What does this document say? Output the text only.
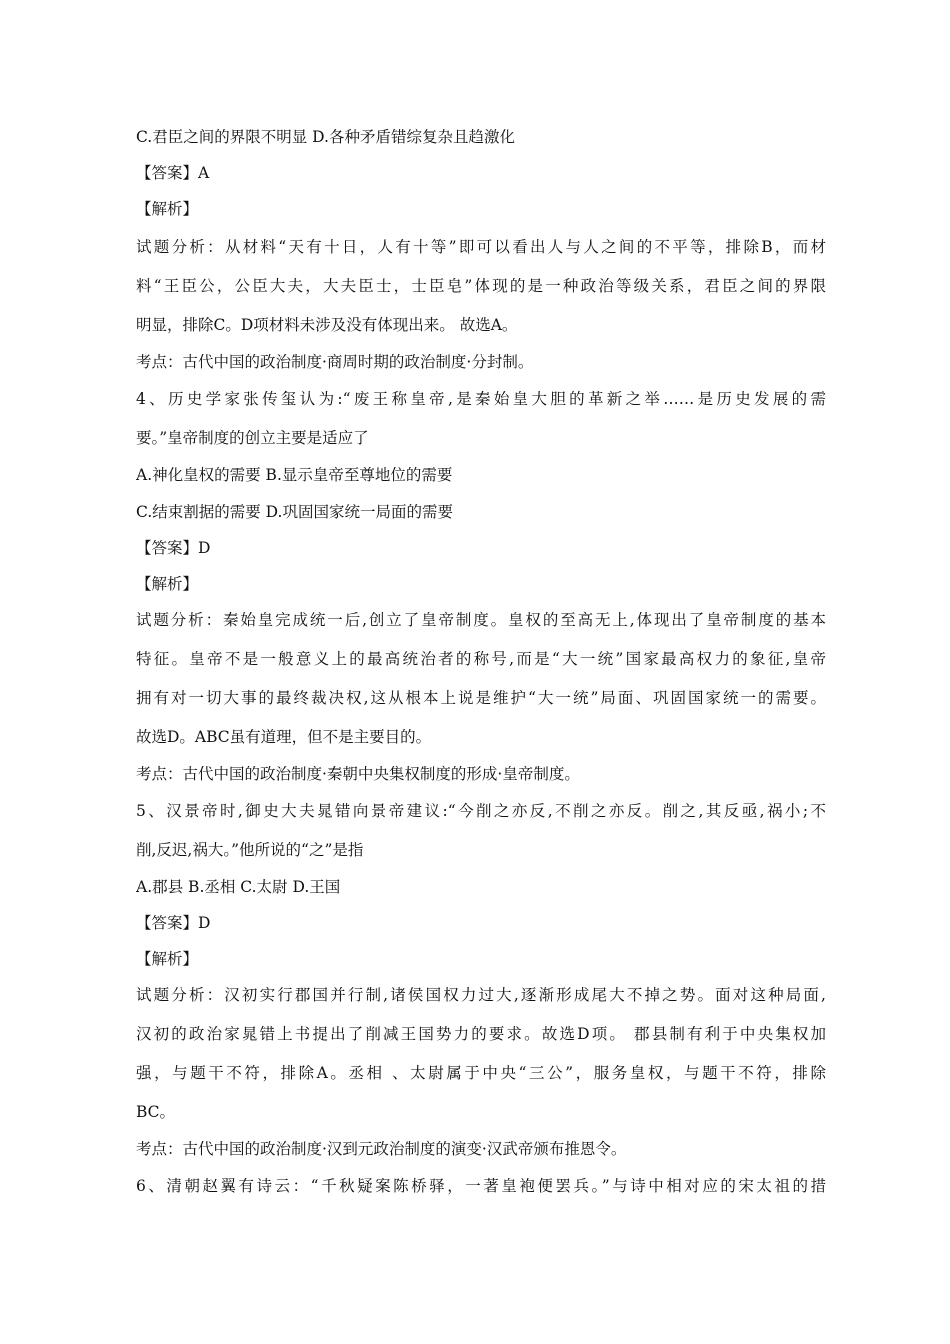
C.君臣之间的界限不明显 D.各种矛盾错综复杂且趋激化
【答案】A
【解析】
试题分析：从材料“天有十日，人有十等”即可以看出人与人之间的不平等，排除B，而材
料“王臣公，公臣大夫，大夫臣士，士臣皂”体现的是一种政治等级关系，君臣之间的界限
明显，排除C。D项材料未涉及没有体现出来。 故选A。
考点：古代中国的政治制度·商周时期的政治制度·分封制。
4、历史学家张传玺认为:“废王称皇帝,是秦始皇大胆的革新之举……是历史发展的需
要。”皇帝制度的创立主要是适应了
A.神化皇权的需要 B.显示皇帝至尊地位的需要
C.结束割据的需要 D.巩固国家统一局面的需要
【答案】D
【解析】
试题分析：秦始皇完成统一后,创立了皇帝制度。皇权的至高无上,体现出了皇帝制度的基本
特征。皇帝不是一般意义上的最高统治者的称号,而是“大一统”国家最高权力的象征,皇帝
拥有对一切大事的最终裁决权,这从根本上说是维护“大一统”局面、巩固国家统一的需要。
故选D。ABC虽有道理，但不是主要目的。
考点：古代中国的政治制度·秦朝中央集权制度的形成·皇帝制度。
5、汉景帝时,御史大夫晁错向景帝建议:“今削之亦反,不削之亦反。削之,其反亟,祸小;不
削,反迟,祸大。”他所说的“之”是指
A.郡县 B.丞相 C.太尉 D.王国
【答案】D
【解析】
试题分析：汉初实行郡国并行制,诸侯国权力过大,逐渐形成尾大不掉之势。面对这种局面,
汉初的政治家晁错上书提出了削减王国势力的要求。故选D项。 郡县制有利于中央集权加
强，与题干不符，排除A。丞相 、太尉属于中央“三公”，服务皇权，与题干不符，排除
BC。
考点：古代中国的政治制度·汉到元政治制度的演变·汉武帝颁布推恩令。
6、清朝赵翼有诗云：“千秋疑案陈桥驿，一著皇袍便罢兵。”与诗中相对应的宋太祖的措
